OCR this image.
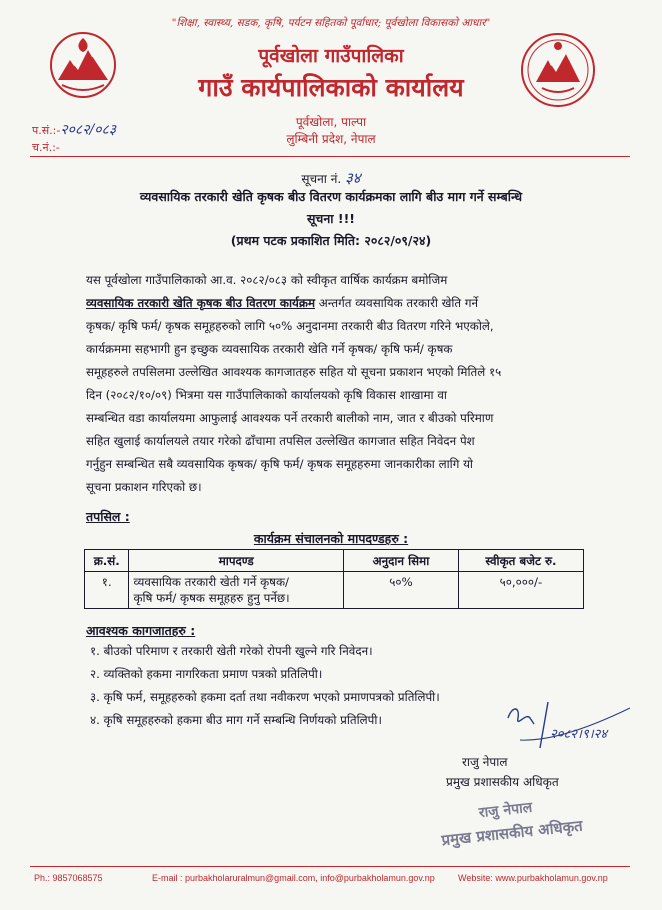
"शिक्षा, स्वास्थ्य, सडक, कृषि, पर्यटन सहितको पूर्वाधार; पूर्वखोला विकासको आधार"
पूर्वखोला गाउँपालिका
गाउँ कार्यपालिकाको कार्यालय
पूर्वखोला, पाल्पा
लुम्बिनी प्रदेश, नेपाल
प.सं.:-२०८२/०८३
च.नं.:-
सूचना नं. ३४
व्यवसायिक तरकारी खेति कृषक बीउ वितरण कार्यक्रमका लागि बीउ माग गर्ने सम्बन्धि
सूचना !!!
(प्रथम पटक प्रकाशित मिति: २०८२/०९/२४)
यस पूर्वखोला गाउँपालिकाको आ.व. २०८२/०८३ को स्वीकृत वार्षिक कार्यक्रम बमोजिम
व्यवसायिक तरकारी खेति कृषक बीउ वितरण कार्यक्रम अन्तर्गत व्यवसायिक तरकारी खेति गर्ने
कृषक/ कृषि फर्म/ कृषक समूहहरुको लागि ५०% अनुदानमा तरकारी बीउ वितरण गरिने भएकोले,
कार्यक्रममा सहभागी हुन इच्छुक व्यवसायिक तरकारी खेति गर्ने कृषक/ कृषि फर्म/ कृषक
समूहहरुले तपसिलमा उल्लेखित आवश्यक कागजातहरु सहित यो सूचना प्रकाशन भएको मितिले १५
दिन (२०८२/१०/०९) भित्रमा यस गाउँपालिकाको कार्यालयको कृषि विकास शाखामा वा
सम्बन्धित वडा कार्यालयमा आफुलाई आवश्यक पर्ने तरकारी बालीको नाम, जात र बीउको परिमाण
सहित खुलाई कार्यालयले तयार गरेको ढाँचामा तपसिल उल्लेखित कागजात सहित निवेदन पेश
गर्नुहुन सम्बन्धित सबै व्यवसायिक कृषक/ कृषि फर्म/ कृषक समूहहरुमा जानकारीका लागि यो
सूचना प्रकाशन गरिएको छ।
तपसिल :
कार्यक्रम संचालनको मापदण्डहरु :
क्र.सं.	मापदण्ड	अनुदान सिमा	स्वीकृत बजेट रु.
१.	व्यवसायिक तरकारी खेती गर्ने कृषक/
कृषि फर्म/ कृषक समूहहरु हुनु पर्नेछ।	५०%	५०,०००/-
आवश्यक कागजातहरु :
१. बीउको परिमाण र तरकारी खेती गरेको रोपनी खुल्ने गरि निवेदन।
२. व्यक्तिको हकमा नागरिकता प्रमाण पत्रको प्रतिलिपी।
३. कृषि फर्म, समूहहरुको हकमा दर्ता तथा नवीकरण भएको प्रमाणपत्रको प्रतिलिपी।
४. कृषि समूहहरुको हकमा बीउ माग गर्ने सम्बन्धि निर्णयको प्रतिलिपी।
२०८२।९।२४
राजु नेपाल
प्रमुख प्रशासकीय अधिकृत
राजु नेपाल
प्रमुख प्रशासकीय अधिकृत
Ph.: 9857068575	E-mail : purbakholaruralmun@gmail.com, info@purbakholamun.gov.np	Website: www.purbakholamun.gov.np
